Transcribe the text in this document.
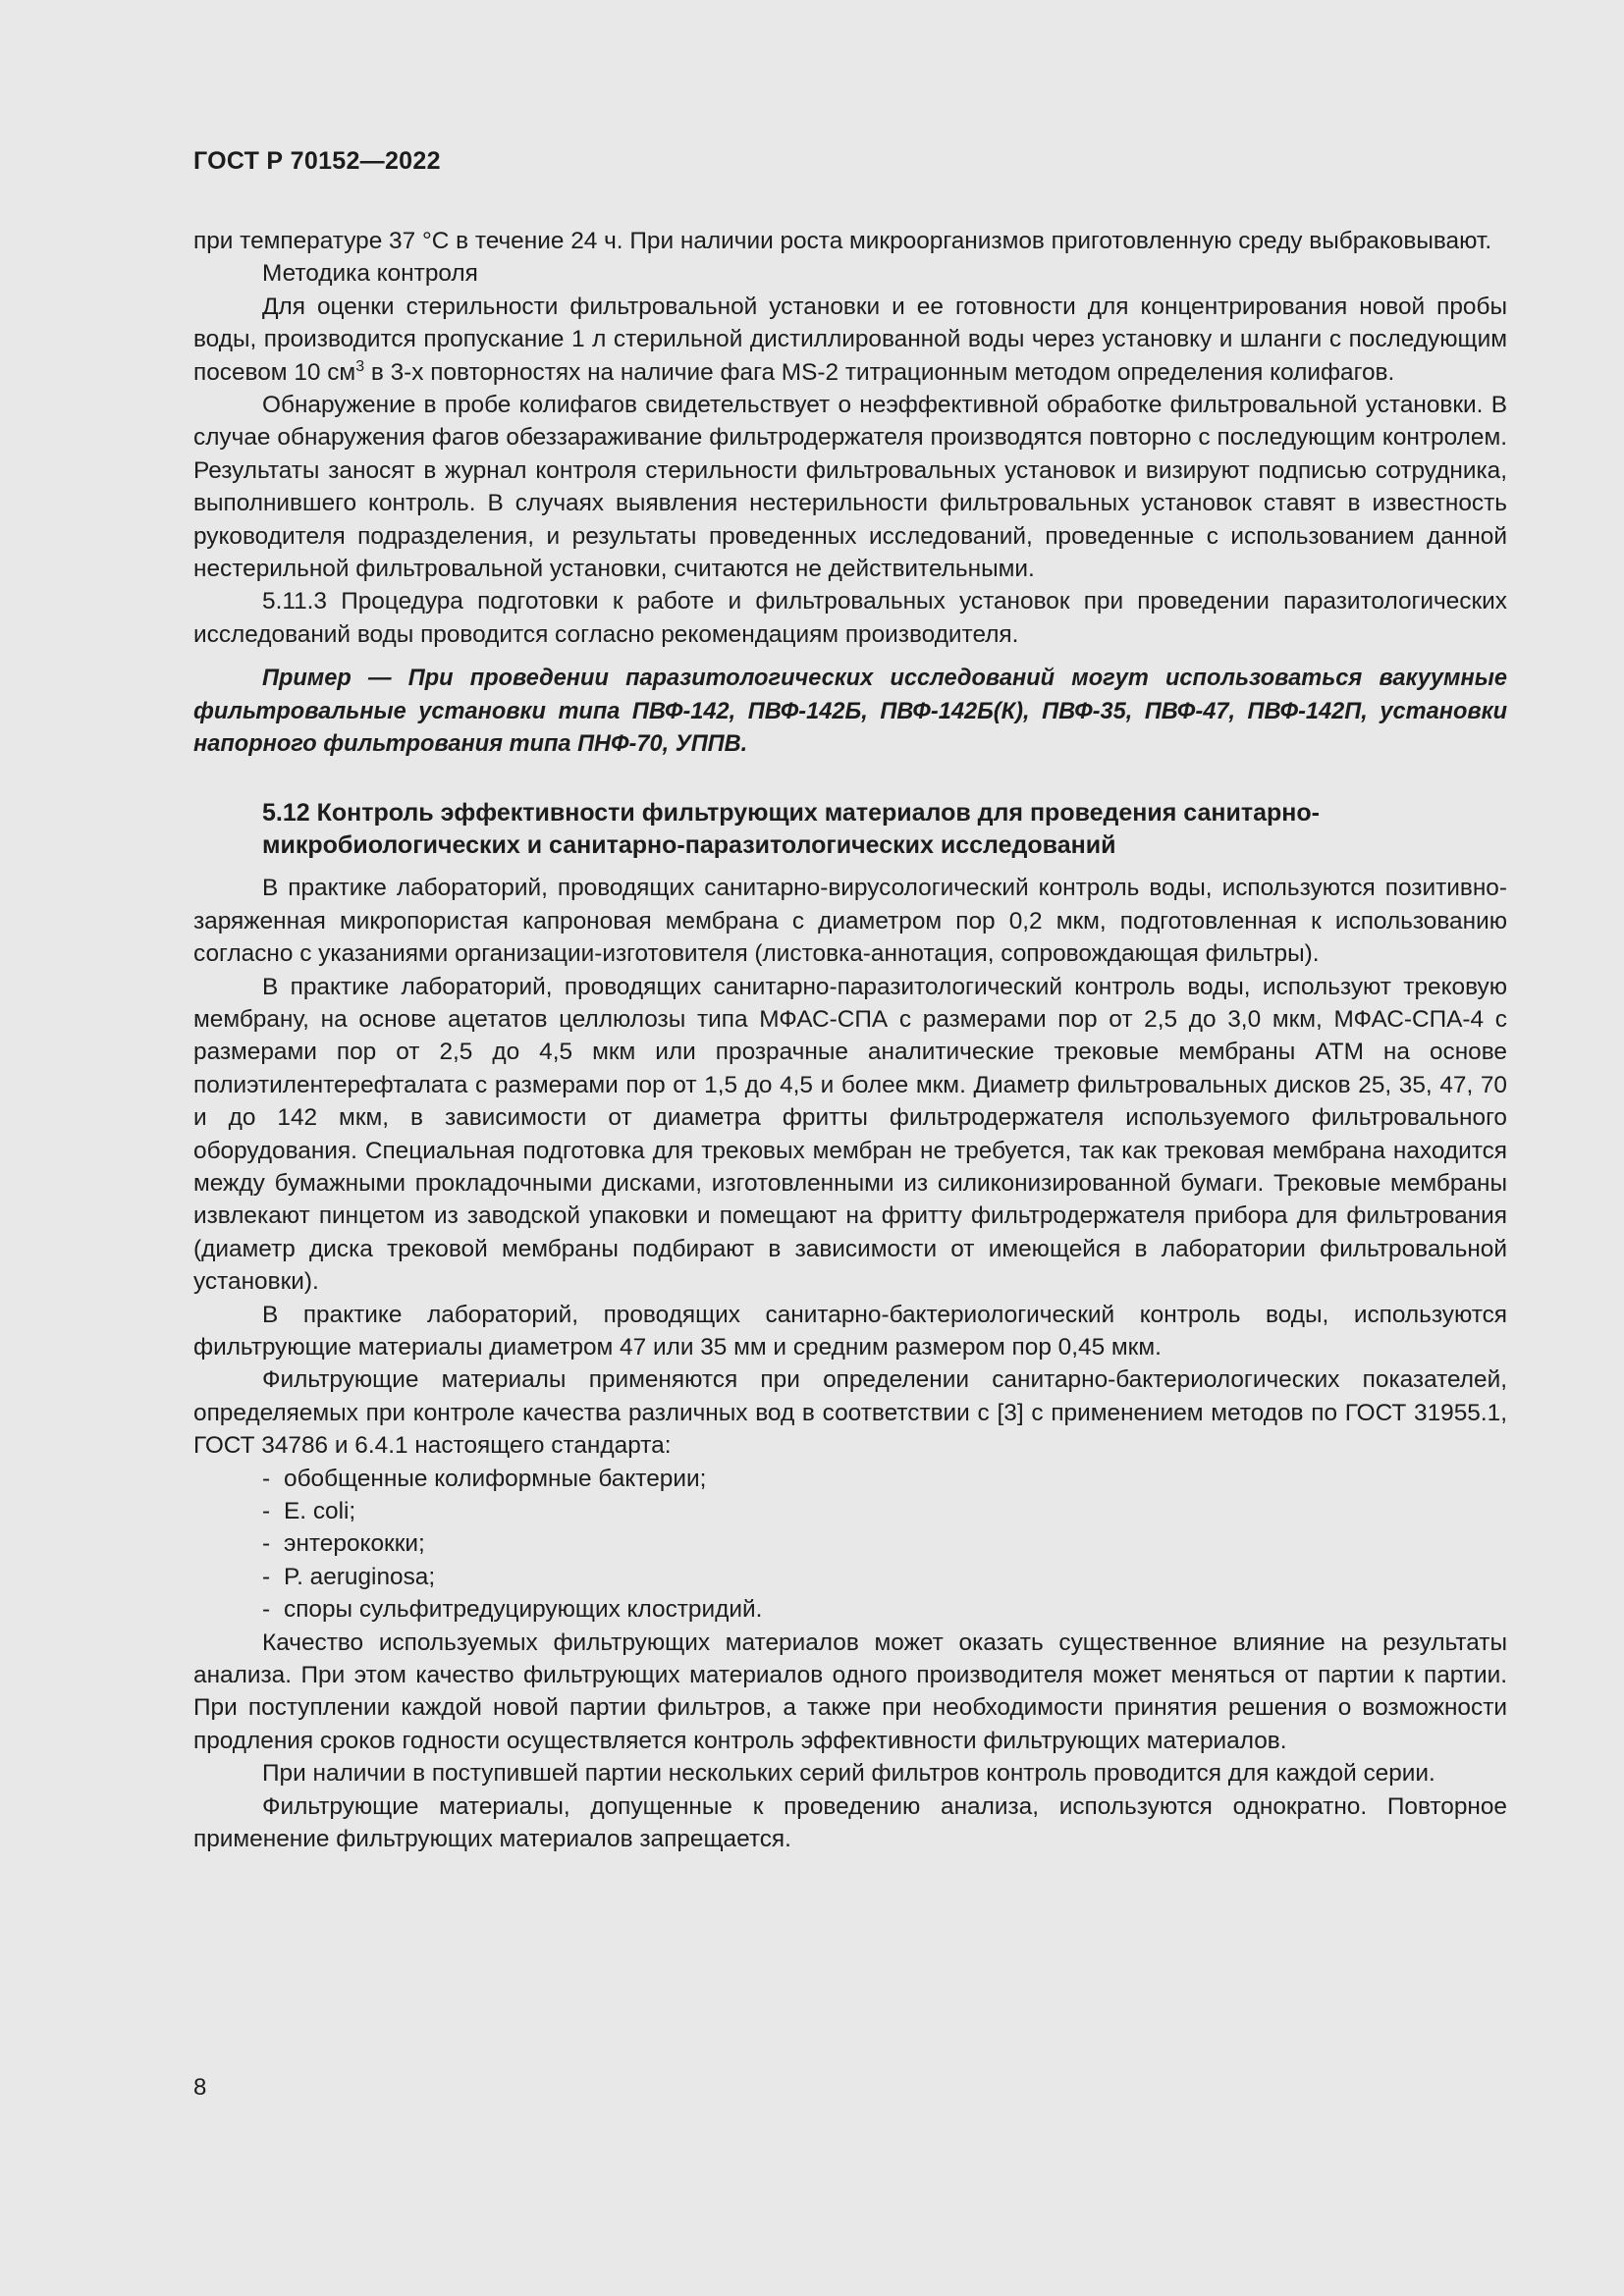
ГОСТ Р 70152—2022

при температуре 37 °С в течение 24 ч. При наличии роста микроорганизмов приготовленную среду выбраковывают.

Методика контроля

Для оценки стерильности фильтровальной установки и ее готовности для концентрирования новой пробы воды, производится пропускание 1 л стерильной дистиллированной воды через установку и шланги с последующим посевом 10 $см^3$ в 3-х повторностях на наличие фага MS-2 титрационным методом определения колифагов.

Обнаружение в пробе колифагов свидетельствует о неэффективной обработке фильтровальной установки. В случае обнаружения фагов обеззараживание фильтродержателя производятся повторно с последующим контролем. Результаты заносят в журнал контроля стерильности фильтровальных установок и визируют подписью сотрудника, выполнившего контроль. В случаях выявления нестерильности фильтровальных установок ставят в известность руководителя подразделения, и результаты проведенных исследований, проведенные с использованием данной нестерильной фильтровальной установки, считаются не действительными.

5.11.3 Процедура подготовки к работе и фильтровальных установок при проведении паразитологических исследований воды проводится согласно рекомендациям производителя.

Пример — При проведении паразитологических исследований могут использоваться вакуумные фильтровальные установки типа ПВФ-142, ПВФ-142Б, ПВФ-142Б(К), ПВФ-35, ПВФ-47, ПВФ-142П, установки напорного фильтрования типа ПНФ-70, УППВ.

5.12 Контроль эффективности фильтрующих материалов для проведения санитарно-микробиологических и санитарно-паразитологических исследований

В практике лабораторий, проводящих санитарно-вирусологический контроль воды, используются позитивно-заряженная микропористая капроновая мембрана с диаметром пор 0,2 мкм, подготовленная к использованию согласно с указаниями организации-изготовителя (листовка-аннотация, сопровождающая фильтры).

В практике лабораторий, проводящих санитарно-паразитологический контроль воды, используют трековую мембрану, на основе ацетатов целлюлозы типа МФАС-СПА с размерами пор от 2,5 до 3,0 мкм, МФАС-СПА-4 с размерами пор от 2,5 до 4,5 мкм или прозрачные аналитические трековые мембраны АТМ на основе полиэтилентерефталата с размерами пор от 1,5 до 4,5 и более мкм. Диаметр фильтровальных дисков 25, 35, 47, 70 и до 142 мкм, в зависимости от диаметра фритты фильтродержателя используемого фильтровального оборудования. Специальная подготовка для трековых мембран не требуется, так как трековая мембрана находится между бумажными прокладочными дисками, изготовленными из силиконизированной бумаги. Трековые мембраны извлекают пинцетом из заводской упаковки и помещают на фритту фильтродержателя прибора для фильтрования (диаметр диска трековой мембраны подбирают в зависимости от имеющейся в лаборатории фильтровальной установки).

В практике лабораторий, проводящих санитарно-бактериологический контроль воды, используются фильтрующие материалы диаметром 47 или 35 мм и средним размером пор 0,45 мкм.

Фильтрующие материалы применяются при определении санитарно-бактериологических показателей, определяемых при контроле качества различных вод в соответствии с [3] с применением методов по ГОСТ 31955.1, ГОСТ 34786 и 6.4.1 настоящего стандарта:

- обобщенные колиформные бактерии;
- E. coli;
- энтерококки;
- P. aeruginosa;
- споры сульфитредуцирующих клостридий.

Качество используемых фильтрующих материалов может оказать существенное влияние на результаты анализа. При этом качество фильтрующих материалов одного производителя может меняться от партии к партии. При поступлении каждой новой партии фильтров, а также при необходимости принятия решения о возможности продления сроков годности осуществляется контроль эффективности фильтрующих материалов.

При наличии в поступившей партии нескольких серий фильтров контроль проводится для каждой серии.

Фильтрующие материалы, допущенные к проведению анализа, используются однократно. Повторное применение фильтрующих материалов запрещается.

8
